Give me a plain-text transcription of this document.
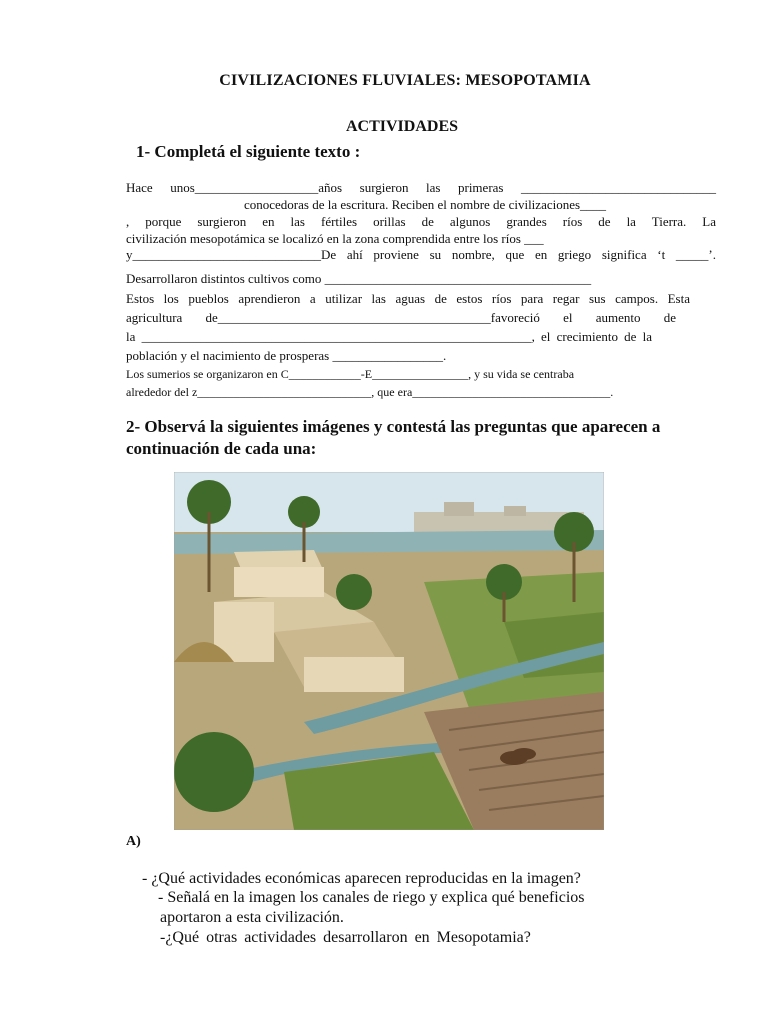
CIVILIZACIONES FLUVIALES: MESOPOTAMIA
ACTIVIDADES
1- Completá el siguiente texto :
Hace unos___________________años surgieron las primeras ______________________________
conocedoras de la escritura. Reciben el nombre de civilizaciones____
, porque surgieron en las fértiles orillas de algunos grandes ríos de la Tierra. La
civilización mesopotámica se localizó en la zona comprendida entre los ríos ___
y_____________________________De ahí proviene su nombre, que en griego significa ‘t _____’.
Desarrollaron distintos cultivos como _________________________________________
Estos los pueblos aprendieron a utilizar las aguas de estos ríos para regar sus campos. Esta
agricultura de__________________________________________favoreció el aumento de
la ____________________________________________________________, el crecimiento de la
población y el nacimiento de prosperas _________________.
Los sumerios se organizaron en C____________-E________________, y su vida se centraba
alrededor del z_____________________________, que era_________________________________.
2- Observá la siguientes imágenes y contestá las preguntas que aparecen a continuación de cada una:
A)
- ¿Qué actividades económicas aparecen reproducidas en la imagen?
- Señalá en la imagen los canales de riego y explica qué beneficios
aportaron a esta civilización.
-¿Qué otras actividades desarrollaron en Mesopotamia?
